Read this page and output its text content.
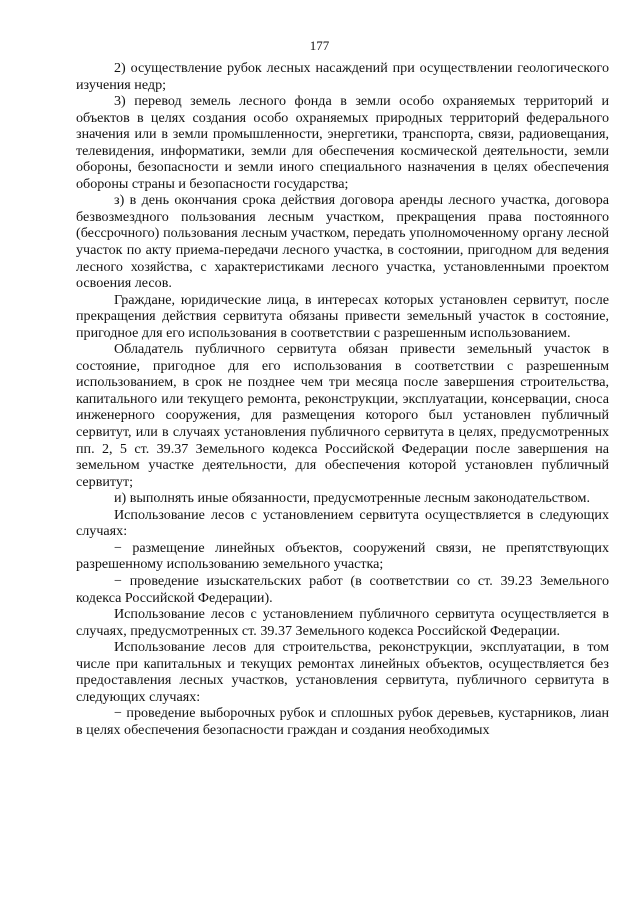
177

2) осуществление рубок лесных насаждений при осуществлении геологического изучения недр;

3) перевод земель лесного фонда в земли особо охраняемых территорий и объектов в целях создания особо охраняемых природных территорий федерального значения или в земли промышленности, энергетики, транспорта, связи, радиовещания, телевидения, информатики, земли для обеспечения космической деятельности, земли обороны, безопасности и земли иного специального назначения в целях обеспечения обороны страны и безопасности государства;

з) в день окончания срока действия договора аренды лесного участка, договора безвозмездного пользования лесным участком, прекращения права постоянного (бессрочного) пользования лесным участком, передать уполномоченному органу лесной участок по акту приема-передачи лесного участка, в состоянии, пригодном для ведения лесного хозяйства, с характеристиками лесного участка, установленными проектом освоения лесов.

Граждане, юридические лица, в интересах которых установлен сервитут, после прекращения действия сервитута обязаны привести земельный участок в состояние, пригодное для его использования в соответствии с разрешенным использованием.

Обладатель публичного сервитута обязан привести земельный участок в состояние, пригодное для его использования в соответствии с разрешенным использованием, в срок не позднее чем три месяца после завершения строительства, капитального или текущего ремонта, реконструкции, эксплуатации, консервации, сноса инженерного сооружения, для размещения которого был установлен публичный сервитут, или в случаях установления публичного сервитута в целях, предусмотренных пп. 2, 5 ст. 39.37 Земельного кодекса Российской Федерации после завершения на земельном участке деятельности, для обеспечения которой установлен публичный сервитут;

и) выполнять иные обязанности, предусмотренные лесным законодательством.

Использование лесов с установлением сервитута осуществляется в следующих случаях:

− размещение линейных объектов, сооружений связи, не препятствующих разрешенному использованию земельного участка;

− проведение изыскательских работ (в соответствии со ст. 39.23 Земельного кодекса Российской Федерации).

Использование лесов с установлением публичного сервитута осуществляется в случаях, предусмотренных ст. 39.37 Земельного кодекса Российской Федерации.

Использование лесов для строительства, реконструкции, эксплуатации, в том числе при капитальных и текущих ремонтах линейных объектов, осуществляется без предоставления лесных участков, установления сервитута, публичного сервитута в следующих случаях:

− проведение выборочных рубок и сплошных рубок деревьев, кустарников, лиан в целях обеспечения безопасности граждан и создания необходимых
